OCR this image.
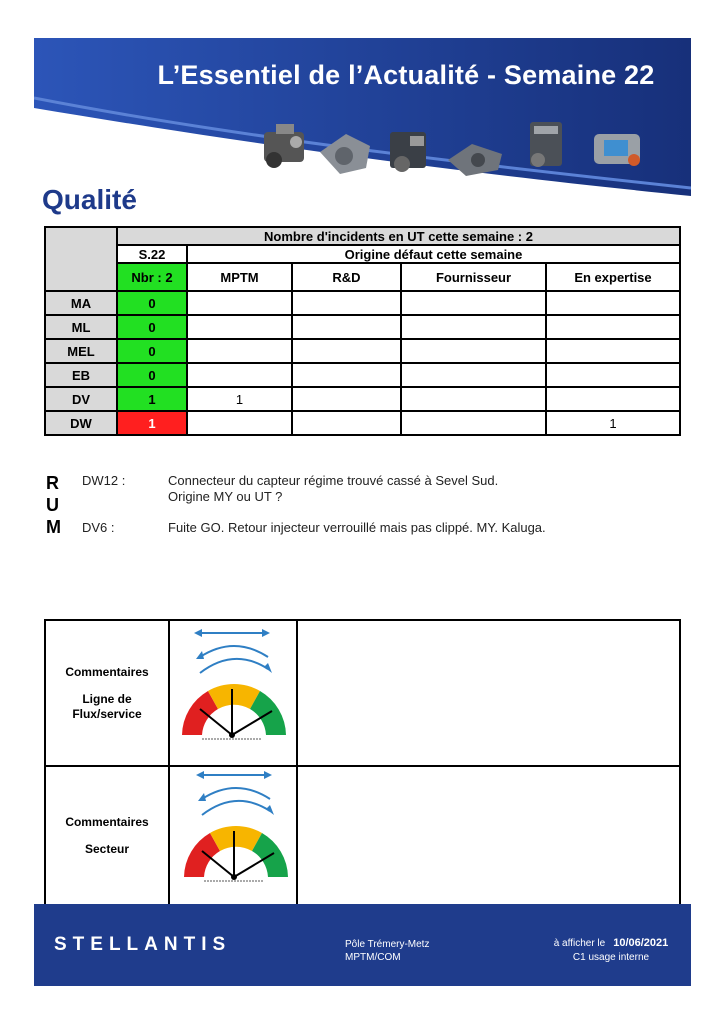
L’Essentiel de l’Actualité - Semaine 22
Qualité
	Nombre d'incidents en UT cette semaine : 2				
	S.22	Origine défaut cette semaine			
	Nbr : 2	MPTM	R&D	Fournisseur	En expertise
MA	0				
ML	0				
MEL	0				
EB	0				
DV	1	1			
DW	1				1
R
U
M
DW12 :	Connecteur du capteur régime trouvé cassé à Sevel Sud.
Origine MY ou UT ?
DV6 :	Fuite GO. Retour injecteur verrouillé mais pas clippé. MY. Kaluga.
Commentaires
Ligne de Flux/service
Commentaires
Secteur
STELLANTIS	Pôle Trémery-Metz
MPTM/COM
à afficher le 10/06/2021
C1 usage interne
